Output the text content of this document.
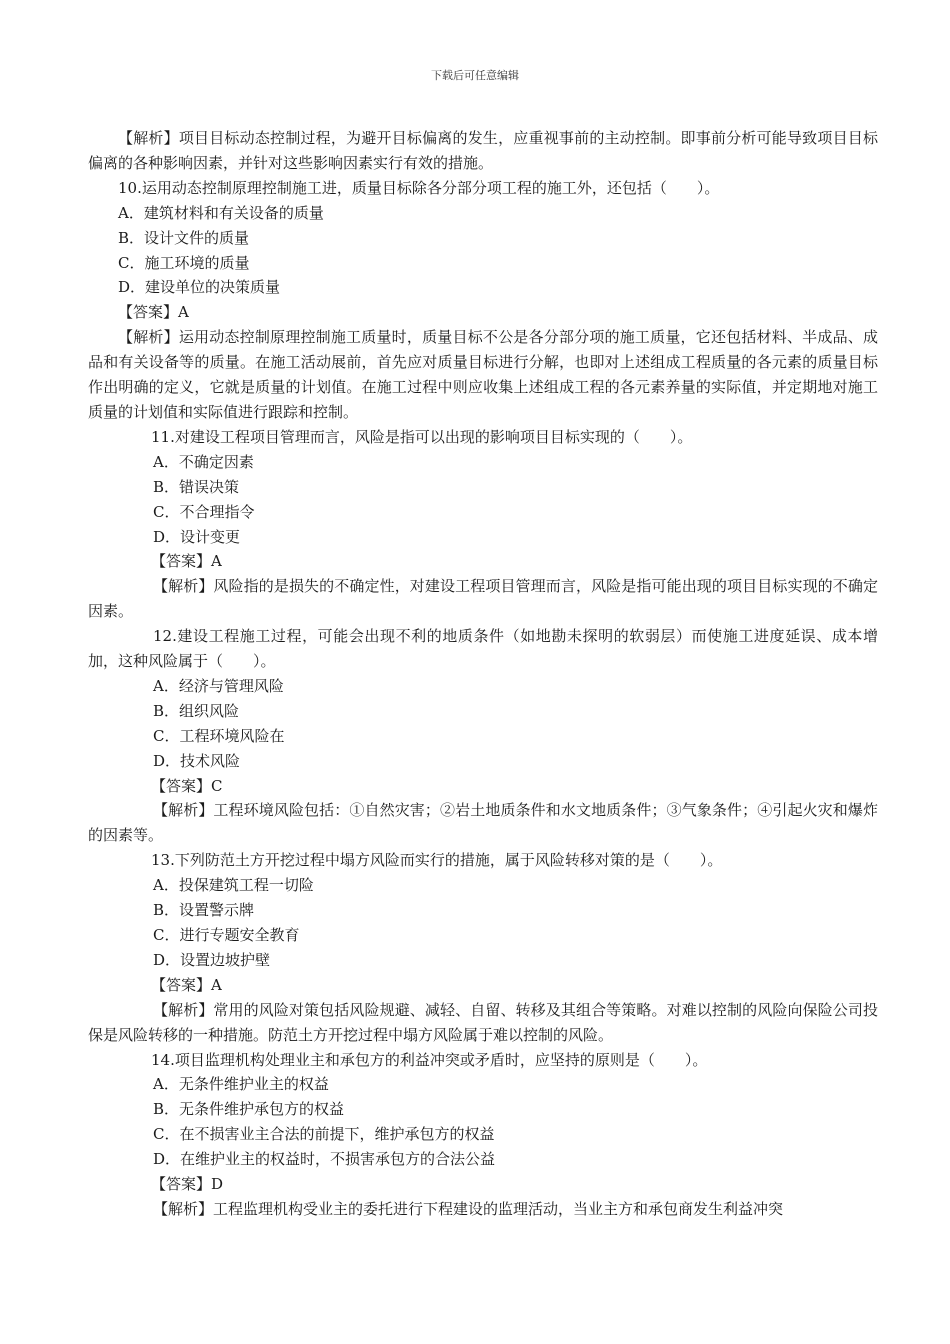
下载后可任意编辑
【解析】项目目标动态控制过程，为避开目标偏离的发生，应重视事前的主动控制。即事前分析可能导致项目目标偏离的各种影响因素，并针对这些影响因素实行有效的措施。
10.运用动态控制原理控制施工进，质量目标除各分部分项工程的施工外，还包括（　　）。
A．建筑材料和有关设备的质量
B．设计文件的质量
C．施工环境的质量
D．建设单位的决策质量
【答案】A
【解析】运用动态控制原理控制施工质量时，质量目标不公是各分部分项的施工质量，它还包括材料、半成品、成品和有关设备等的质量。在施工活动展前，首先应对质量目标进行分解，也即对上述组成工程质量的各元素的质量目标作出明确的定义，它就是质量的计划值。在施工过程中则应收集上述组成工程的各元素养量的实际值，并定期地对施工质量的计划值和实际值进行跟踪和控制。
11.对建设工程项目管理而言，风险是指可以出现的影响项目目标实现的（　　）。
A．不确定因素
B．错误决策
C．不合理指令
D．设计变更
【答案】A
【解析】风险指的是损失的不确定性，对建设工程项目管理而言，风险是指可能出现的项目目标实现的不确定因素。
12.建设工程施工过程，可能会出现不利的地质条件（如地勘未探明的软弱层）而使施工进度延误、成本增加，这种风险属于（　　）。
A．经济与管理风险
B．组织风险
C．工程环境风险在
D．技术风险
【答案】C
【解析】工程环境风险包括：①自然灾害；②岩土地质条件和水文地质条件；③气象条件；④引起火灾和爆炸的因素等。
13.下列防范土方开挖过程中塌方风险而实行的措施，属于风险转移对策的是（　　）。
A．投保建筑工程一切险
B．设置警示牌
C．进行专题安全教育
D．设置边坡护壁
【答案】A
【解析】常用的风险对策包括风险规避、减轻、自留、转移及其组合等策略。对难以控制的风险向保险公司投保是风险转移的一种措施。防范土方开挖过程中塌方风险属于难以控制的风险。
14.项目监理机构处理业主和承包方的利益冲突或矛盾时，应坚持的原则是（　　）。
A．无条件维护业主的权益
B．无条件维护承包方的权益
C．在不损害业主合法的前提下，维护承包方的权益
D．在维护业主的权益时，不损害承包方的合法公益
【答案】D
【解析】工程监理机构受业主的委托进行下程建设的监理活动，当业主方和承包商发生利益冲突
